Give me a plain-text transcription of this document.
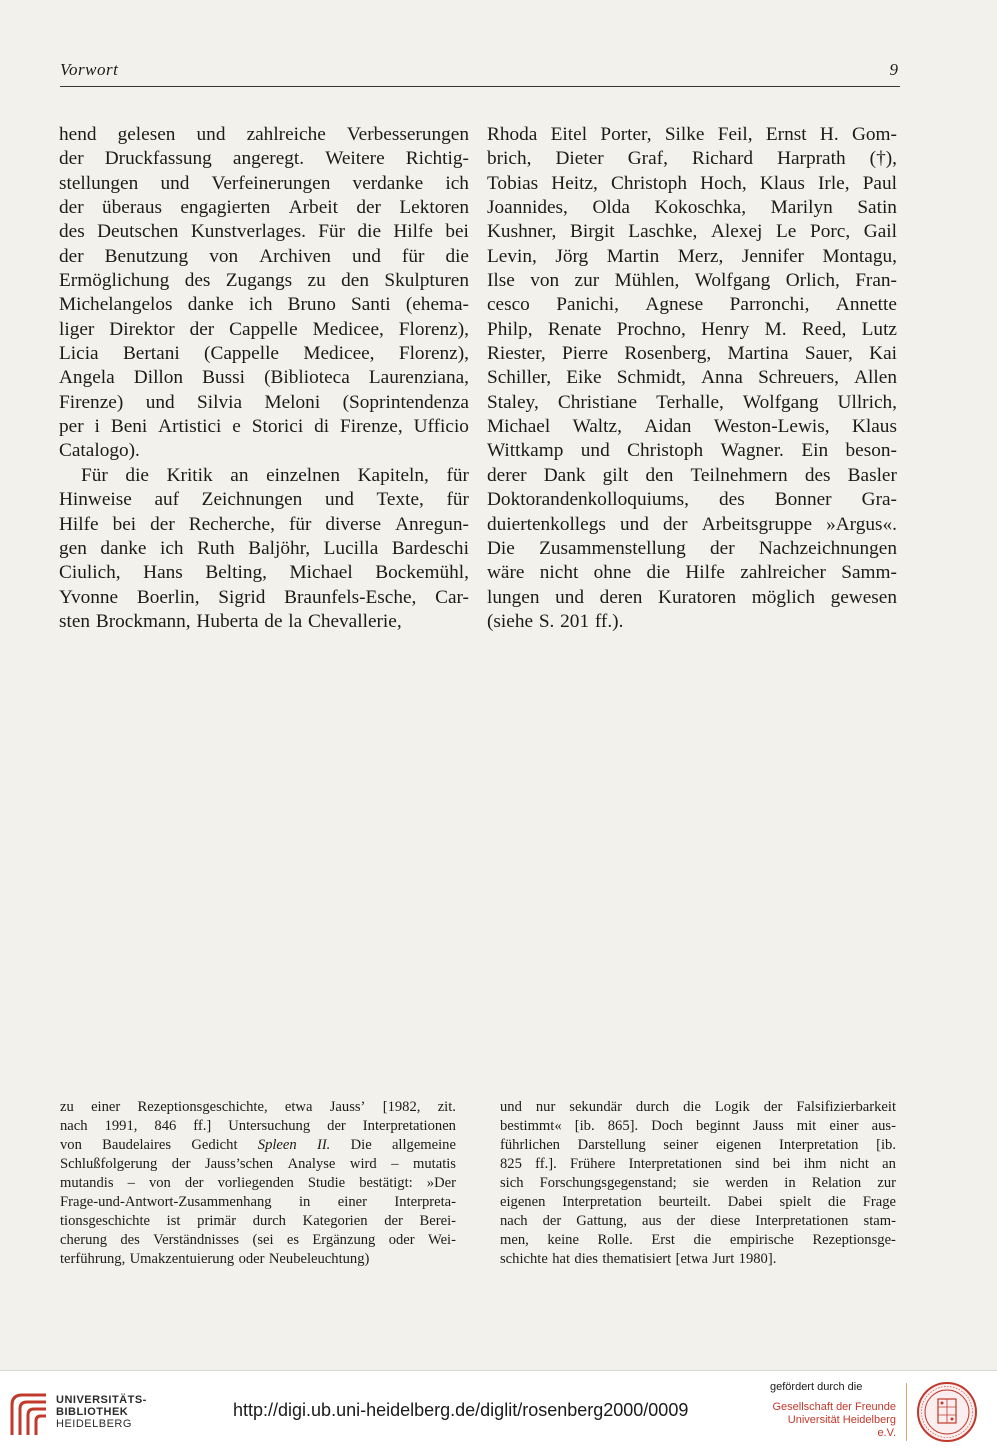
Vorwort	9
hend gelesen und zahlreiche Verbesserungen
der Druckfassung angeregt. Weitere Richtig-
stellungen und Verfeinerungen verdanke ich
der überaus engagierten Arbeit der Lektoren
des Deutschen Kunstverlages. Für die Hilfe bei
der Benutzung von Archiven und für die
Ermöglichung des Zugangs zu den Skulpturen
Michelangelos danke ich Bruno Santi (ehema-
liger Direktor der Cappelle Medicee, Florenz),
Licia Bertani (Cappelle Medicee, Florenz),
Angela Dillon Bussi (Biblioteca Laurenziana,
Firenze) und Silvia Meloni (Soprintendenza
per i Beni Artistici e Storici di Firenze, Ufficio
Catalogo).
Für die Kritik an einzelnen Kapiteln, für
Hinweise auf Zeichnungen und Texte, für
Hilfe bei der Recherche, für diverse Anregun-
gen danke ich Ruth Baljöhr, Lucilla Bardeschi
Ciulich, Hans Belting, Michael Bockemühl,
Yvonne Boerlin, Sigrid Braunfels-Esche, Car-
sten Brockmann, Huberta de la Chevallerie,
Rhoda Eitel Porter, Silke Feil, Ernst H. Gom-
brich, Dieter Graf, Richard Harprath (†),
Tobias Heitz, Christoph Hoch, Klaus Irle, Paul
Joannides, Olda Kokoschka, Marilyn Satin
Kushner, Birgit Laschke, Alexej Le Porc, Gail
Levin, Jörg Martin Merz, Jennifer Montagu,
Ilse von zur Mühlen, Wolfgang Orlich, Fran-
cesco Panichi, Agnese Parronchi, Annette
Philp, Renate Prochno, Henry M. Reed, Lutz
Riester, Pierre Rosenberg, Martina Sauer, Kai
Schiller, Eike Schmidt, Anna Schreuers, Allen
Staley, Christiane Terhalle, Wolfgang Ullrich,
Michael Waltz, Aidan Weston-Lewis, Klaus
Wittkamp und Christoph Wagner. Ein beson-
derer Dank gilt den Teilnehmern des Basler
Doktorandenkolloquiums, des Bonner Gra-
duiertenkollegs und der Arbeitsgruppe »Argus«.
Die Zusammenstellung der Nachzeichnungen
wäre nicht ohne die Hilfe zahlreicher Samm-
lungen und deren Kuratoren möglich gewesen
(siehe S. 201 ff.).
zu einer Rezeptionsgeschichte, etwa Jauss’ [1982, zit.
nach 1991, 846 ff.] Untersuchung der Interpretationen
von Baudelaires Gedicht Spleen II. Die allgemeine
Schlußfolgerung der Jauss’schen Analyse wird – mutatis
mutandis – von der vorliegenden Studie bestätigt: »Der
Frage-und-Antwort-Zusammenhang in einer Interpreta-
tionsgeschichte ist primär durch Kategorien der Berei-
cherung des Verständnisses (sei es Ergänzung oder Wei-
terführung, Umakzentuierung oder Neubeleuchtung)
und nur sekundär durch die Logik der Falsifizierbarkeit
bestimmt« [ib. 865]. Doch beginnt Jauss mit einer aus-
führlichen Darstellung seiner eigenen Interpretation [ib.
825 ff.]. Frühere Interpretationen sind bei ihm nicht an
sich Forschungsgegenstand; sie werden in Relation zur
eigenen Interpretation beurteilt. Dabei spielt die Frage
nach der Gattung, aus der diese Interpretationen stam-
men, keine Rolle. Erst die empirische Rezeptionsge-
schichte hat dies thematisiert [etwa Jurt 1980].
UNIVERSITÄTS-
BIBLIOTHEK
HEIDELBERG
http://digi.ub.uni-heidelberg.de/diglit/rosenberg2000/0009
gefördert durch die
Gesellschaft der Freunde
Universität Heidelberg e.V.
